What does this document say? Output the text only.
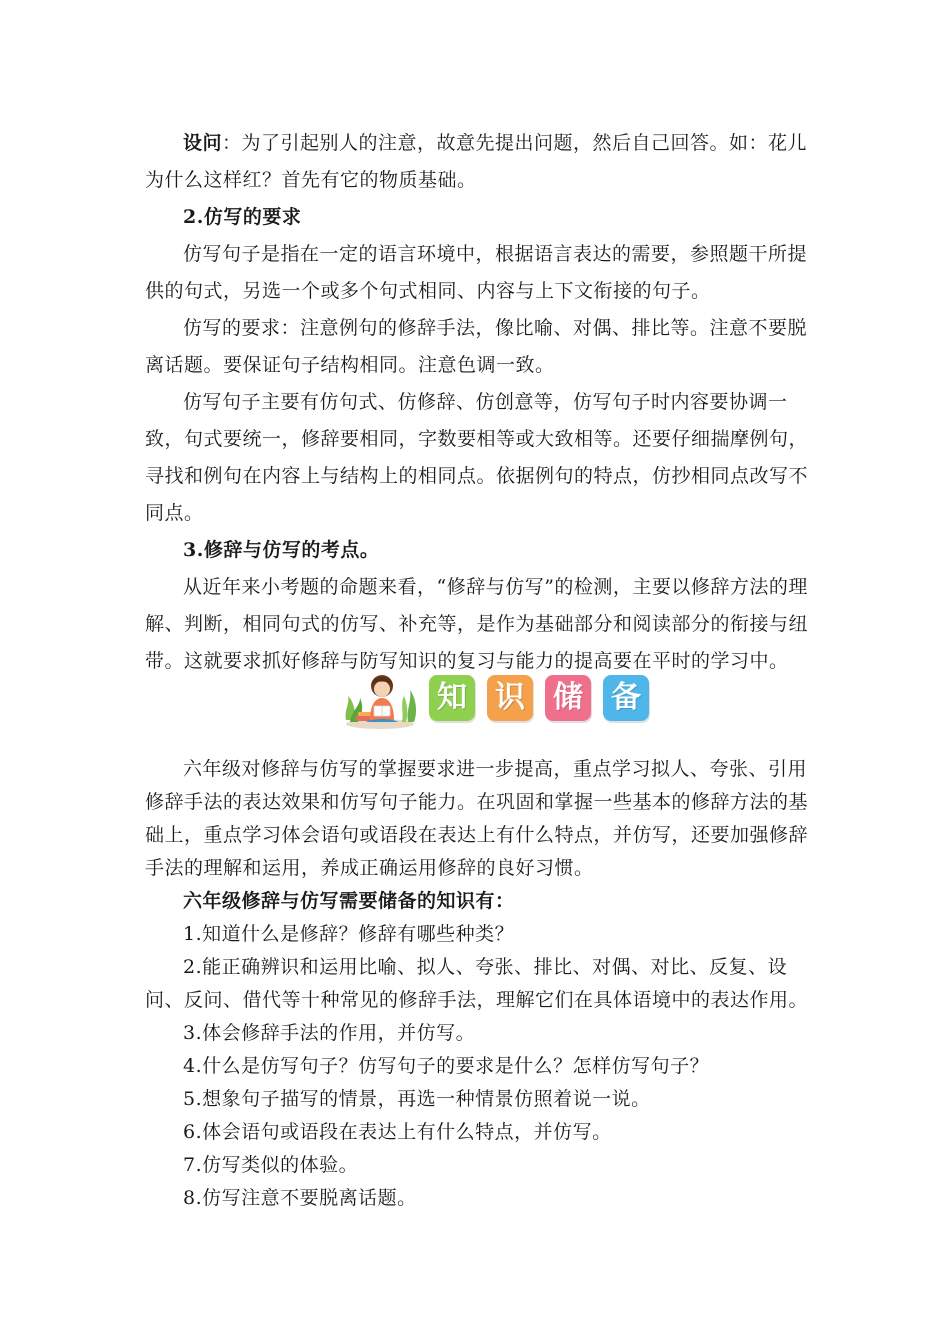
设问：为了引起别人的注意，故意先提出问题，然后自己回答。如：花儿为什么这样红？首先有它的物质基础。

2.仿写的要求

仿写句子是指在一定的语言环境中，根据语言表达的需要，参照题干所提供的句式，另选一个或多个句式相同、内容与上下文衔接的句子。

仿写的要求：注意例句的修辞手法，像比喻、对偶、排比等。注意不要脱离话题。要保证句子结构相同。注意色调一致。

仿写句子主要有仿句式、仿修辞、仿创意等，仿写句子时内容要协调一致，句式要统一，修辞要相同，字数要相等或大致相等。还要仔细揣摩例句，寻找和例句在内容上与结构上的相同点。依据例句的特点，仿抄相同点改写不同点。

3.修辞与仿写的考点。

从近年来小考题的命题来看，“修辞与仿写”的检测，主要以修辞方法的理解、判断，相同句式的仿写、补充等，是作为基础部分和阅读部分的衔接与纽带。这就要求抓好修辞与防写知识的复习与能力的提高要在平时的学习中。

知 识 储 备

六年级对修辞与仿写的掌握要求进一步提高，重点学习拟人、夸张、引用修辞手法的表达效果和仿写句子能力。在巩固和掌握一些基本的修辞方法的基础上，重点学习体会语句或语段在表达上有什么特点，并仿写，还要加强修辞手法的理解和运用，养成正确运用修辞的良好习惯。

六年级修辞与仿写需要储备的知识有：

1.知道什么是修辞？修辞有哪些种类？

2.能正确辨识和运用比喻、拟人、夸张、排比、对偶、对比、反复、设问、反问、借代等十种常见的修辞手法，理解它们在具体语境中的表达作用。

3.体会修辞手法的作用，并仿写。

4.什么是仿写句子？仿写句子的要求是什么？怎样仿写句子？

5.想象句子描写的情景，再选一种情景仿照着说一说。

6.体会语句或语段在表达上有什么特点，并仿写。

7.仿写类似的体验。

8.仿写注意不要脱离话题。
